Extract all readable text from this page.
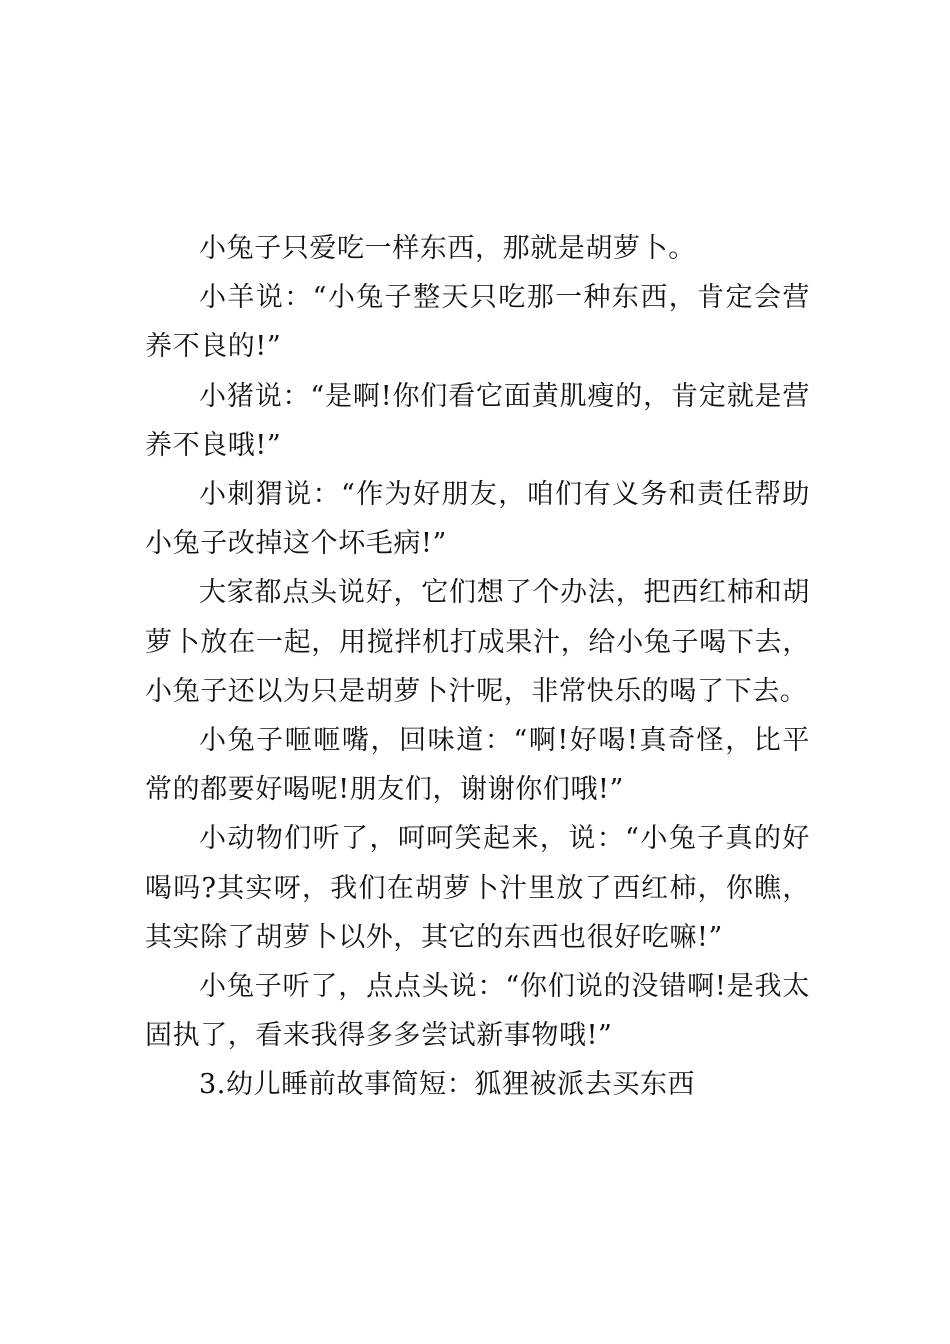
小兔子只爱吃一样东西，那就是胡萝卜。

小羊说：“小兔子整天只吃那一种东西，肯定会营养不良的!”

小猪说：“是啊!你们看它面黄肌瘦的，肯定就是营养不良哦!”

小刺猬说：“作为好朋友，咱们有义务和责任帮助小兔子改掉这个坏毛病!”

大家都点头说好，它们想了个办法，把西红柿和胡萝卜放在一起，用搅拌机打成果汁，给小兔子喝下去，小兔子还以为只是胡萝卜汁呢，非常快乐的喝了下去。

小兔子咂咂嘴，回味道：“啊!好喝!真奇怪，比平常的都要好喝呢!朋友们，谢谢你们哦!”

小动物们听了，呵呵笑起来，说：“小兔子真的好喝吗?其实呀，我们在胡萝卜汁里放了西红柿，你瞧，其实除了胡萝卜以外，其它的东西也很好吃嘛!”

小兔子听了，点点头说：“你们说的没错啊!是我太固执了，看来我得多多尝试新事物哦!”

3.幼儿睡前故事简短：狐狸被派去买东西
